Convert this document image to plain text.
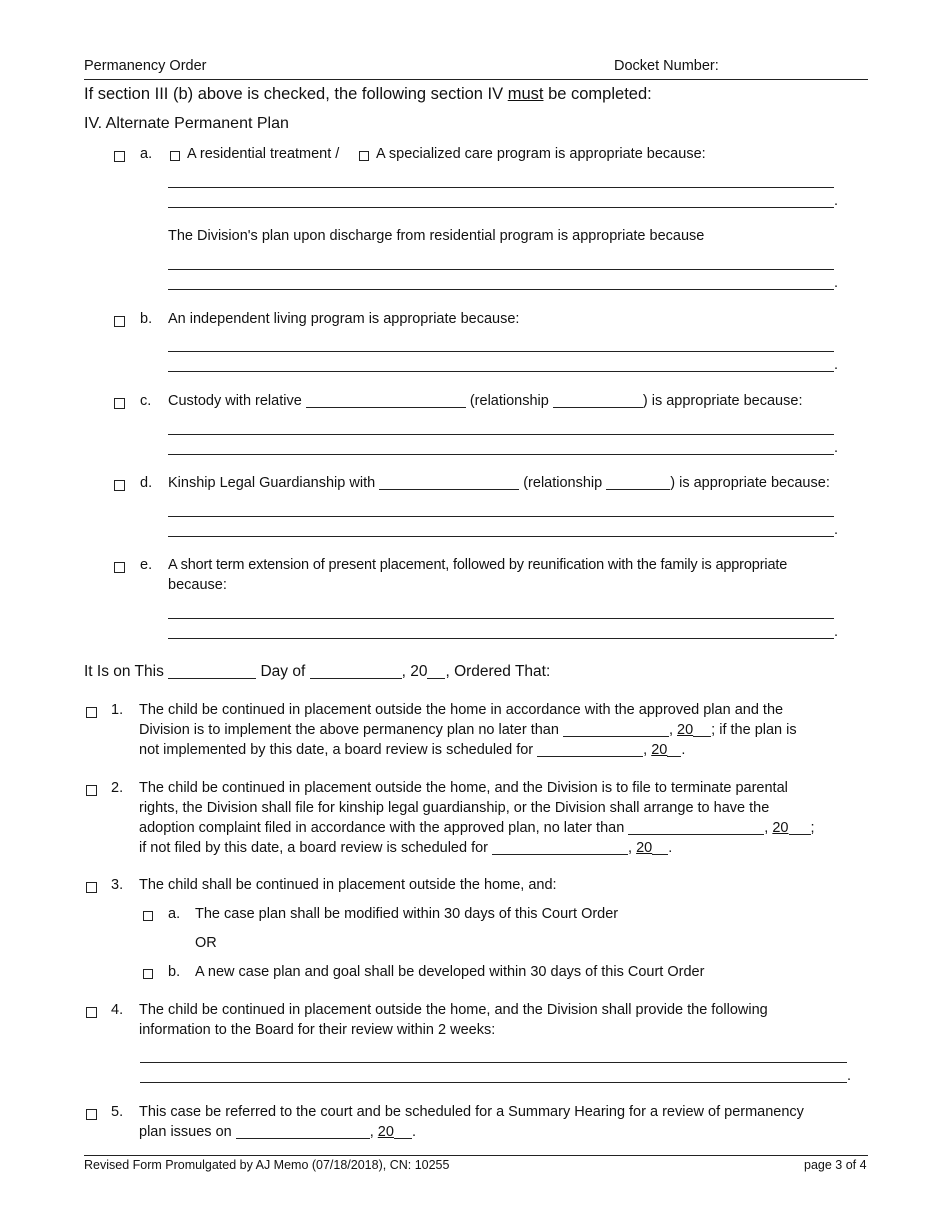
Permanency Order	Docket Number:
If section III (b) above is checked, the following section IV must be completed:
IV. Alternate Permanent Plan
a. A residential treatment /	A specialized care program is appropriate because:
.
The Division's plan upon discharge from residential program is appropriate because
.
b. An independent living program is appropriate because:
.
c. Custody with relative	(relationship	) is appropriate because:
.
d. Kinship Legal Guardianship with	(relationship	) is appropriate because:
.
e. A short term extension of present placement, followed by reunification with the family is appropriate
because:
.
It Is on This	Day of	, 20 , Ordered That:
1. The child be continued in placement outside the home in accordance with the approved plan and the
Division is to implement the above permanency plan no later than	, 20 ; if the plan is
not implemented by this date, a board review is scheduled for	, 20 .
2. The child be continued in placement outside the home, and the Division is to file to terminate parental
rights, the Division shall file for kinship legal guardianship, or the Division shall arrange to have the
adoption complaint filed in accordance with the approved plan, no later than	, 20 ;
if not filed by this date, a board review is scheduled for	, 20 .
3. The child shall be continued in placement outside the home, and:
a. The case plan shall be modified within 30 days of this Court Order
OR
b. A new case plan and goal shall be developed within 30 days of this Court Order
4. The child be continued in placement outside the home, and the Division shall provide the following
information to the Board for their review within 2 weeks:
.
5. This case be referred to the court and be scheduled for a Summary Hearing for a review of permanency
plan issues on	, 20 .
Revised Form Promulgated by AJ Memo (07/18/2018), CN: 10255	page 3 of 4
